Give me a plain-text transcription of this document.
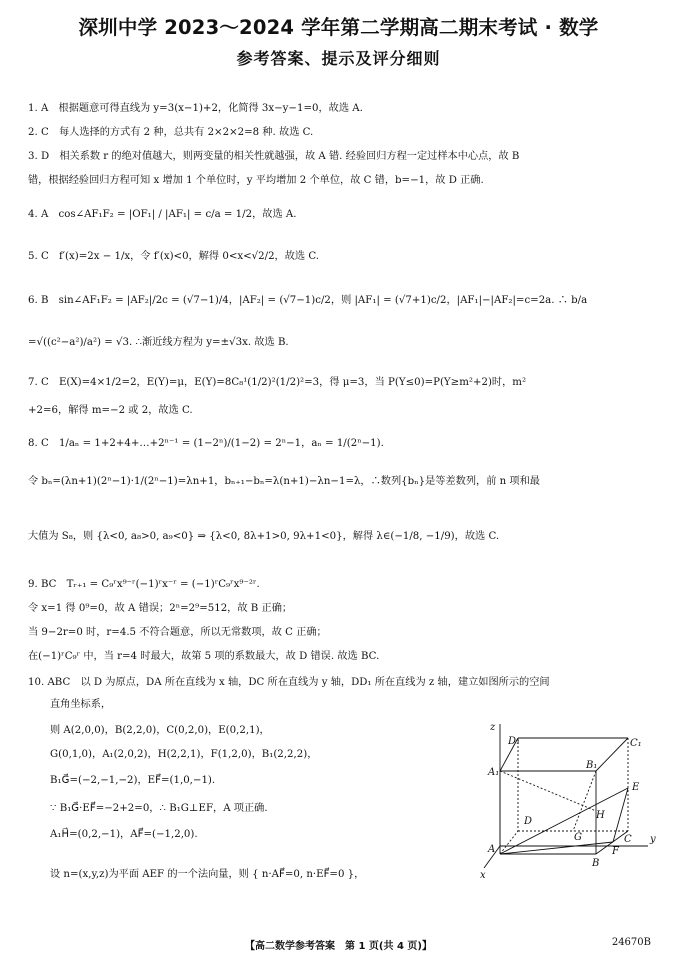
深圳中学 2023～2024 学年第二学期高二期末考试 · 数学
参考答案、提示及评分细则
1. A　根据题意可得直线为 y=3(x−1)+2，化简得 3x−y−1=0，故选 A.
2. C　每人选择的方式有 2 种，总共有 2×2×2=8 种. 故选 C.
3. D　相关系数 r 的绝对值越大，则两变量的相关性就越强，故 A 错. 经验回归方程一定过样本中心点，故 B
错，根据经验回归方程可知 x 增加 1 个单位时，y 平均增加 2 个单位，故 C 错，b=−1，故 D 正确.
4. A　cos∠AF₁F₂ = |OF₁| / |AF₁| = c/a = 1/2，故选 A.
5. C　f′(x)=2x − 1/x，令 f′(x)<0，解得 0<x<√2/2，故选 C.
6. B　sin∠AF₁F₂ = |AF₂|/2c = (√7−1)/4，|AF₂| = (√7−1)c/2，则 |AF₁| = (√7+1)c/2，|AF₁|−|AF₂|=c=2a. ∴ b/a
=√((c²−a²)/a²) = √3. ∴渐近线方程为 y=±√3x. 故选 B.
7. C　E(X)=4×1/2=2，E(Y)=μ，E(Y)=8C₈¹(1/2)²(1/2)²=3，得 μ=3，当 P(Y≤0)=P(Y≥m²+2)时，m²
+2=6，解得 m=−2 或 2，故选 C.
8. C　1/aₙ = 1+2+4+…+2ⁿ⁻¹ = (1−2ⁿ)/(1−2) = 2ⁿ−1，aₙ = 1/(2ⁿ−1).
令 bₙ=(λn+1)(2ⁿ−1)·1/(2ⁿ−1)=λn+1，bₙ₊₁−bₙ=λ(n+1)−λn−1=λ，∴数列{bₙ}是等差数列，前 n 项和最
大值为 S₈，则 {λ<0, a₈>0, a₉<0} ⇒ {λ<0, 8λ+1>0, 9λ+1<0}，解得 λ∈(−1/8, −1/9)，故选 C.
9. BC　Tᵣ₊₁ = C₉ʳx⁹⁻ʳ(−1)ʳx⁻ʳ = (−1)ʳC₉ʳx⁹⁻²ʳ.
令 x=1 得 0⁹=0，故 A 错误；2ⁿ=2⁹=512，故 B 正确；
当 9−2r=0 时，r=4.5 不符合题意，所以无常数项，故 C 正确；
在(−1)ʳC₉ʳ 中，当 r=4 时最大，故第 5 项的系数最大，故 D 错误. 故选 BC.
10. ABC　以 D 为原点，DA 所在直线为 x 轴，DC 所在直线为 y 轴，DD₁ 所在直线为 z 轴，建立如图所示的空间
直角坐标系，
则 A(2,0,0)，B(2,2,0)，C(0,2,0)，E(0,2,1)，
G(0,1,0)，A₁(2,0,2)，H(2,2,1)，F(1,2,0)，B₁(2,2,2)，
B₁G⃗=(−2,−1,−2)，EF⃗=(1,0,−1).
∵ B₁G⃗·EF⃗=−2+2=0，∴ B₁G⊥EF，A 项正确.
A₁H⃗=(0,2,−1)，AF⃗=(−1,2,0).
设 n=(x,y,z)为平面 AEF 的一个法向量，则 { n·AF⃗=0, n·EF⃗=0 }，
z
D₁	C₁
A₁
B₁
E
H
D
G	C y
A
B
F
x
【高二数学参考答案　第 1 页(共 4 页)】	24670B
